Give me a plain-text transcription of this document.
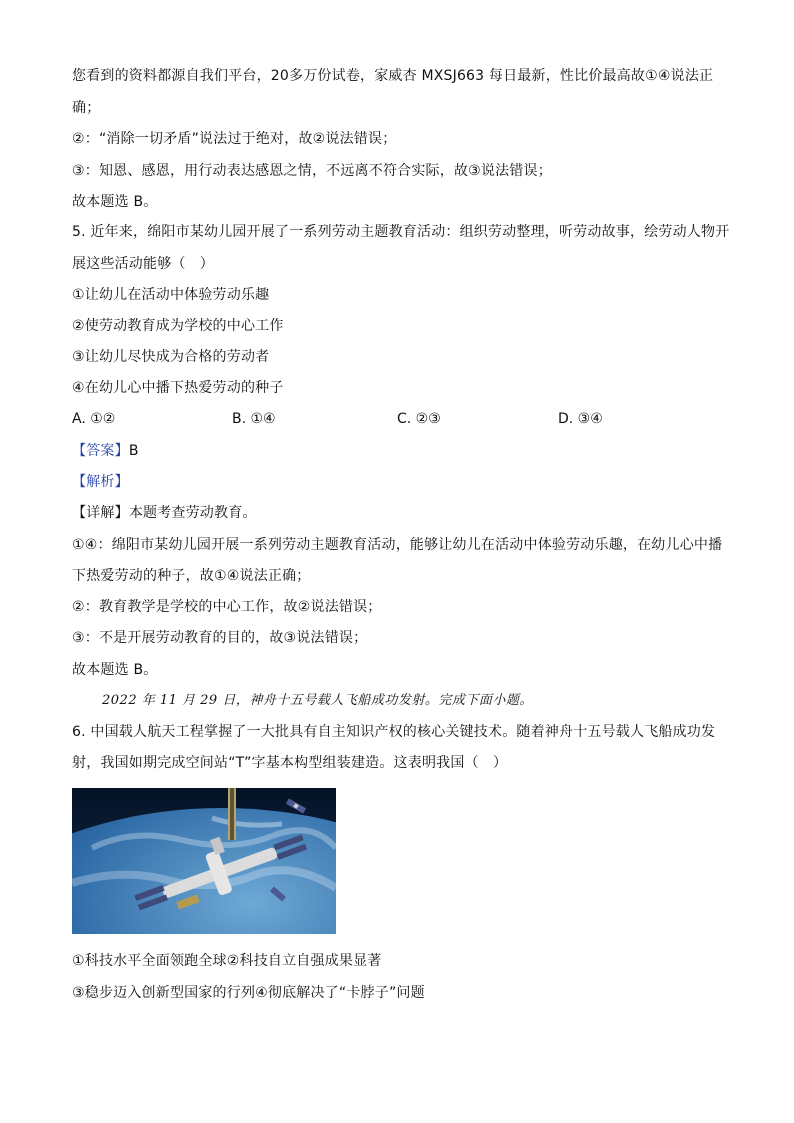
您看到的资料都源自我们平台，20多万份试卷，家威杏 MXSJ663 每日最新，性比价最高故①④说法正
确；
②：“消除一切矛盾”说法过于绝对，故②说法错误；
③：知恩、感恩，用行动表达感恩之情，不远离不符合实际，故③说法错误；
故本题选 B。
5. 近年来，绵阳市某幼儿园开展了一系列劳动主题教育活动：组织劳动整理，听劳动故事，绘劳动人物开
展这些活动能够（　）
①让幼儿在活动中体验劳动乐趣
②使劳动教育成为学校的中心工作
③让幼儿尽快成为合格的劳动者
④在幼儿心中播下热爱劳动的种子
A. ①②	B. ①④	C. ②③	D. ③④
【答案】B
【解析】
【详解】本题考查劳动教育。
①④：绵阳市某幼儿园开展一系列劳动主题教育活动，能够让幼儿在活动中体验劳动乐趣，在幼儿心中播
下热爱劳动的种子，故①④说法正确；
②：教育教学是学校的中心工作，故②说法错误；
③：不是开展劳动教育的目的，故③说法错误；
故本题选 B。
2022 年 11 月 29 日，神舟十五号载人飞船成功发射。完成下面小题。
6. 中国载人航天工程掌握了一大批具有自主知识产权的核心关键技术。随着神舟十五号载人飞船成功发
射，我国如期完成空间站“T”字基本构型组装建造。这表明我国（　）
①科技水平全面领跑全球②科技自立自强成果显著
③稳步迈入创新型国家的行列④彻底解决了“卡脖子”问题
